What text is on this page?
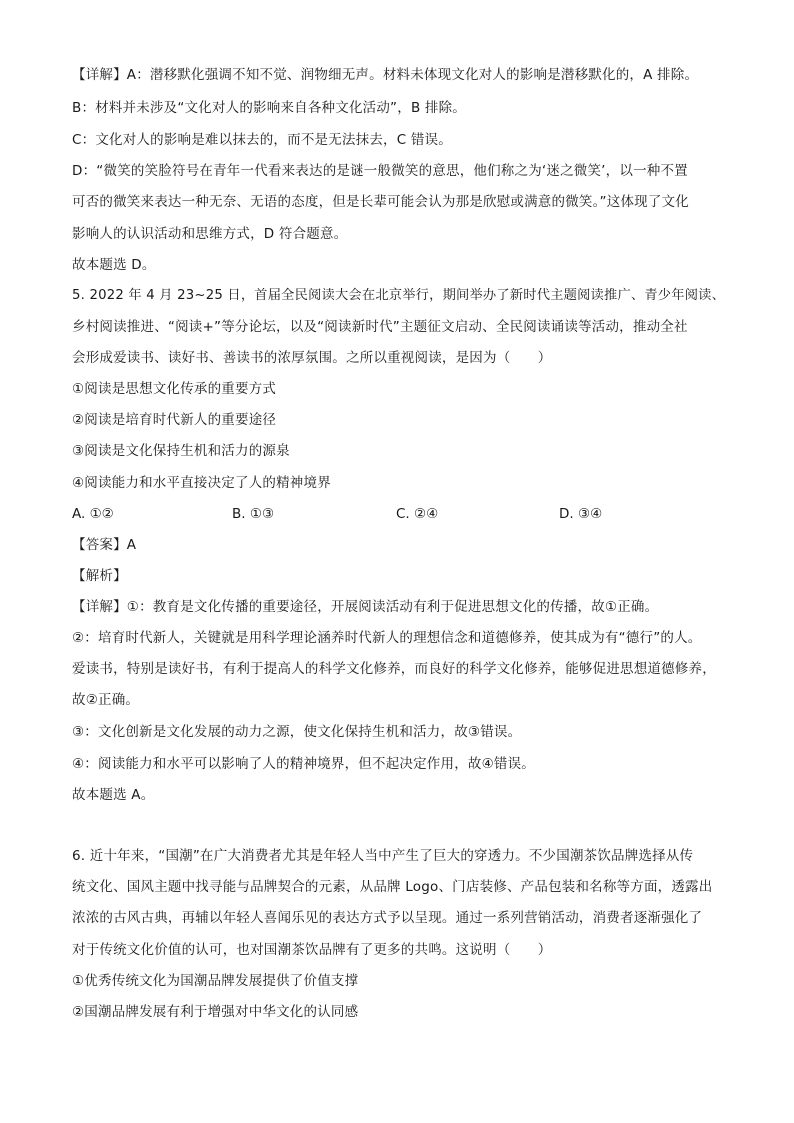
【详解】A：潜移默化强调不知不觉、润物细无声。材料未体现文化对人的影响是潜移默化的，A 排除。
B：材料并未涉及“文化对人的影响来自各种文化活动”，B 排除。
C：文化对人的影响是难以抹去的，而不是无法抹去，C 错误。
D：“微笑的笑脸符号在青年一代看来表达的是谜一般微笑的意思，他们称之为‘迷之微笑’，以一种不置
可否的微笑来表达一种无奈、无语的态度，但是长辈可能会认为那是欣慰或满意的微笑。”这体现了文化
影响人的认识活动和思维方式，D 符合题意。
故本题选 D。
5. 2022 年 4 月 23~25 日，首届全民阅读大会在北京举行，期间举办了新时代主题阅读推广、青少年阅读、
乡村阅读推进、“阅读+”等分论坛，以及“阅读新时代”主题征文启动、全民阅读诵读等活动，推动全社
会形成爱读书、读好书、善读书的浓厚氛围。之所以重视阅读，是因为（　　）
①阅读是思想文化传承的重要方式
②阅读是培育时代新人的重要途径
③阅读是文化保持生机和活力的源泉
④阅读能力和水平直接决定了人的精神境界
A. ①②	B. ①③	C. ②④	D. ③④
【答案】A
【解析】
【详解】①：教育是文化传播的重要途径，开展阅读活动有利于促进思想文化的传播，故①正确。
②：培育时代新人，关键就是用科学理论涵养时代新人的理想信念和道德修养，使其成为有“德行”的人。
爱读书，特别是读好书，有利于提高人的科学文化修养，而良好的科学文化修养，能够促进思想道德修养，
故②正确。
③：文化创新是文化发展的动力之源，使文化保持生机和活力，故③错误。
④：阅读能力和水平可以影响了人的精神境界，但不起决定作用，故④错误。
故本题选 A。
6. 近十年来，“国潮”在广大消费者尤其是年轻人当中产生了巨大的穿透力。不少国潮茶饮品牌选择从传
统文化、国风主题中找寻能与品牌契合的元素，从品牌 Logo、门店装修、产品包装和名称等方面，透露出
浓浓的古风古典，再辅以年轻人喜闻乐见的表达方式予以呈现。通过一系列营销活动，消费者逐渐强化了
对于传统文化价值的认可，也对国潮茶饮品牌有了更多的共鸣。这说明（　　）
①优秀传统文化为国潮品牌发展提供了价值支撑
②国潮品牌发展有利于增强对中华文化的认同感
